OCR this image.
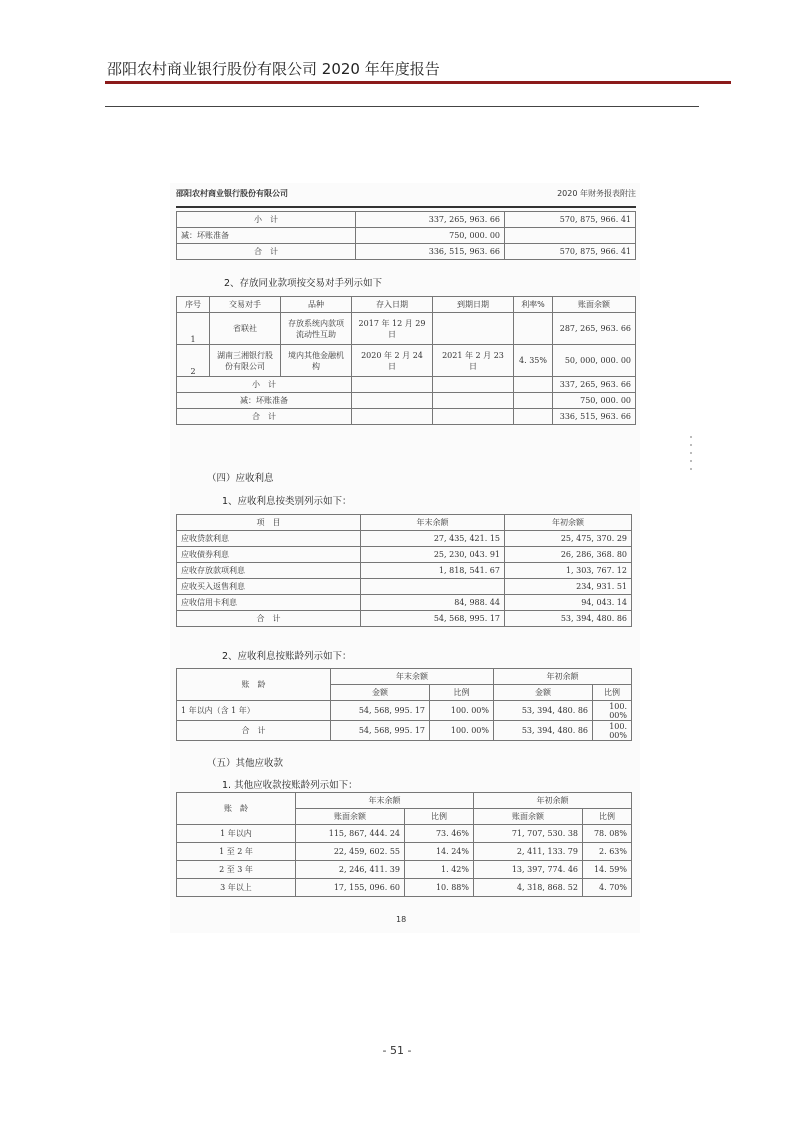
邵阳农村商业银行股份有限公司 2020 年年度报告
邵阳农村商业银行股份有限公司	2020 年财务报表附注
小　计	337, 265, 963. 66	570, 875, 966. 41
减：坏账准备	750, 000. 00	
合　计	336, 515, 963. 66	570, 875, 966. 41
2、存放同业款项按交易对手列示如下
序号	交易对手	品种	存入日期	到期日期	利率%	账面余额
1	省联社	存放系统内款项流动性互助	2017 年 12 月 29 日			287, 265, 963. 66
2	湖南三湘银行股份有限公司	境内其他金融机构	2020 年 2 月 24 日	2021 年 2 月 23 日	4. 35%	50, 000, 000. 00
小　计						337, 265, 963. 66
减：坏账准备						750, 000. 00
合　计						336, 515, 963. 66
（四）应收利息
1、应收利息按类别列示如下：
项　目	年末余额	年初余额
应收贷款利息	27, 435, 421. 15	25, 475, 370. 29
应收债券利息	25, 230, 043. 91	26, 286, 368. 80
应收存放款项利息	1, 818, 541. 67	1, 303, 767. 12
应收买入返售利息		234, 931. 51
应收信用卡利息	84, 988. 44	94, 043. 14
合　计	54, 568, 995. 17	53, 394, 480. 86
2、应收利息按账龄列示如下：
账　龄	年末余额		年初余额	
	金额	比例	金额	比例
1 年以内（含 1 年）	54, 568, 995. 17	100. 00%	53, 394, 480. 86	100. 00%
合　计	54, 568, 995. 17	100. 00%	53, 394, 480. 86	100. 00%
（五）其他应收款
1. 其他应收款按账龄列示如下：
账　龄	年末余额		年初余额	
	账面余额	比例	账面余额	比例
1 年以内	115, 867, 444. 24	73. 46%	71, 707, 530. 38	78. 08%
1 至 2 年	22, 459, 602. 55	14. 24%	2, 411, 133. 79	2. 63%
2 至 3 年	2, 246, 411. 39	1. 42%	13, 397, 774. 46	14. 59%
3 年以上	17, 155, 096. 60	10. 88%	4, 318, 868. 52	4. 70%
18
- 51 -
